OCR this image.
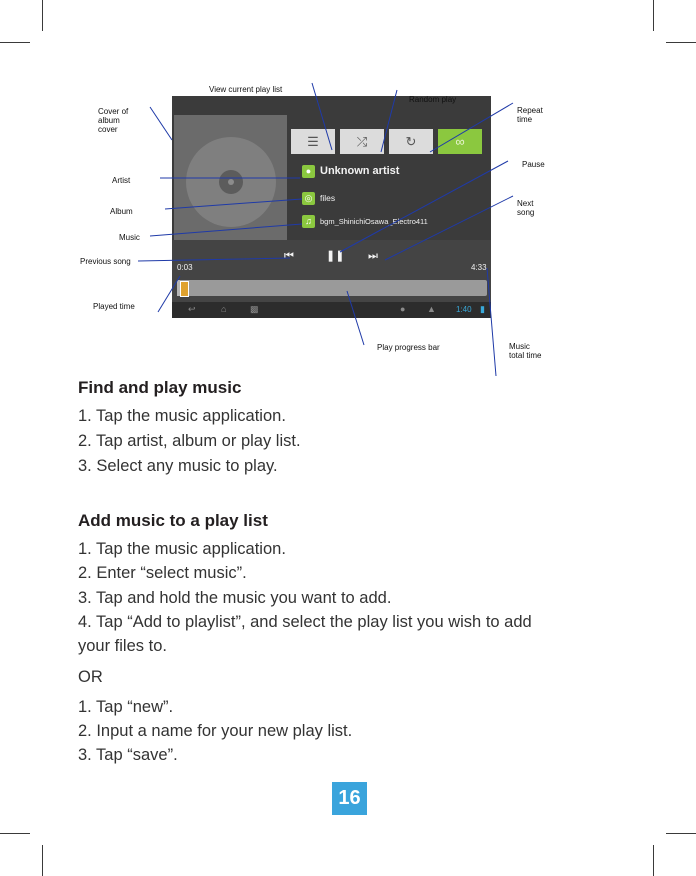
☰	⤮	↻	∞
● Unknown artist
◎ files
♫	bgm_ShinichiOsawa_Electro411
⏮	❚❚ ⏭
0:03	4:33
↩	⌂	▩	● ▲	1:40 ▮
View current play list
Random play
Repeat
time
Cover of
album
cover
Pause
Artist
Next
song
Album
Music
Previous song
Played time
Play progress bar	Music
total time
Find and play music
1. Tap the music application.
2. Tap artist, album or play list.
3. Select any music to play.
Add music to a play list
1. Tap the music application.
2. Enter “select music”.
3. Tap and hold the music you want to add.
4. Tap “Add to playlist”, and select the play list you wish to add
your files to.
OR
1. Tap “new”.
2. Input a name for your new play list.
3. Tap “save”.
16
